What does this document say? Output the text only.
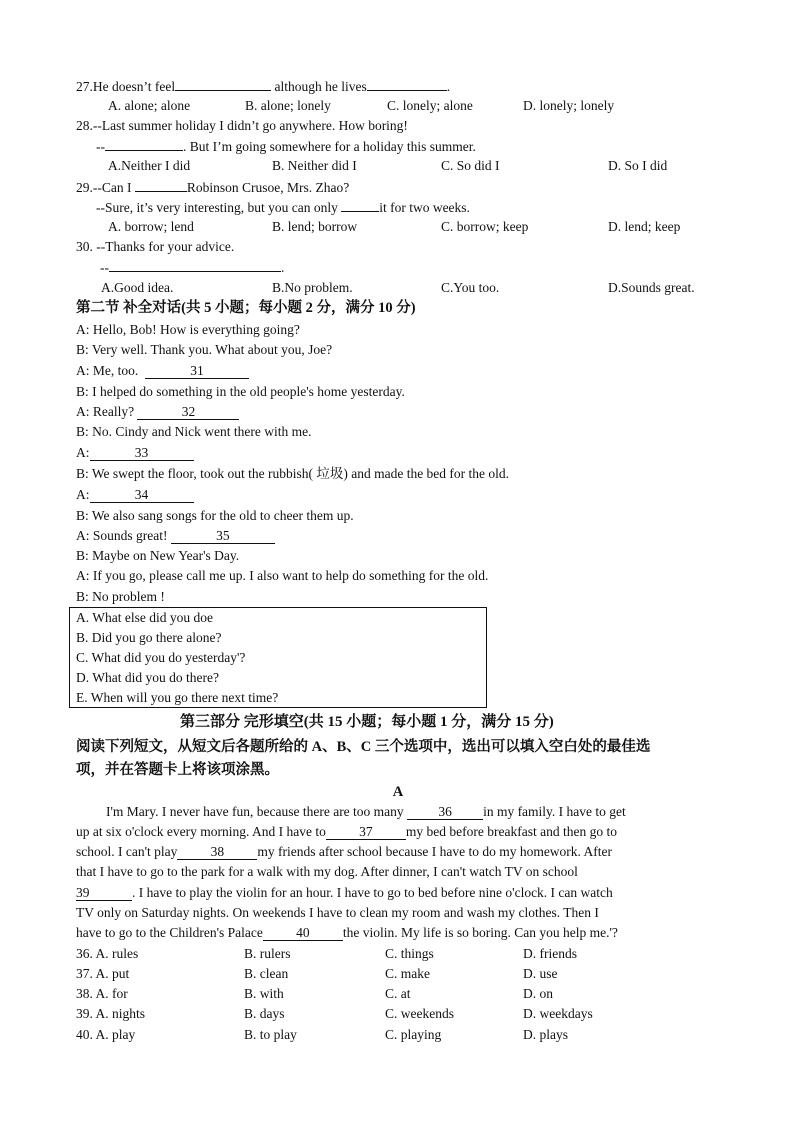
27.He doesn’t feel	although he lives	.
A. alone; alone	B. alone; lonely	C. lonely; alone	D. lonely; lonely
28.--Last summer holiday I didn’t go anywhere. How boring!
--	. But I’m going somewhere for a holiday this summer.
A.Neither I did	B. Neither did I	C. So did I	D. So I did
29.--Can I	Robinson Crusoe, Mrs. Zhao?
--Sure, it’s very interesting, but you can only	it for two weeks.
A. borrow; lend	B. lend; borrow	C. borrow; keep	D. lend; keep
30. --Thanks for your advice.
--	.
A.Good idea.	B.No problem.	C.You too.	D.Sounds great.
第二节 补全对话(共 5 小题；每小题 2 分，满分 10 分)
A: Hello, Bob! How is everything going?
B: Very well. Thank you. What about you, Joe?
A: Me, too.	31
B: I helped do something in the old people's home yesterday.
A: Really?	32
B: No. Cindy and Nick went there with me.
A:	33
B: We swept the floor, took out the rubbish( 垃圾) and made the bed for the old.
A:	34
B: We also sang songs for the old to cheer them up.
A: Sounds great!	35
B: Maybe on New Year's Day.
A: If you go, please call me up. I also want to help do something for the old.
B: No problem !
A. What else did you doe
B. Did you go there alone?
C. What did you do yesterday'?
D. What did you do there?
E. When will you go there next time?
第三部分 完形填空(共 15 小题；每小题 1 分，满分 15 分)
阅读下列短文，从短文后各题所给的 A、B、C 三个选项中，选出可以填入空白处的最佳选
项，并在答题卡上将该项涂黑。
A
I'm Mary. I never have fun, because there are too many	36 in my family. I have to get
up at six o'clock every morning. And I have to 37 my bed before breakfast and then go to
school. I can't play 38 my friends after school because I have to do my homework. After
that I have to go to the park for a walk with my dog. After dinner, I can't watch TV on school
39	. I have to play the violin for an hour. I have to go to bed before nine o'clock. I can watch
TV only on Saturday nights. On weekends I have to clean my room and wash my clothes. Then I
have to go to the Children's Palace 40 the violin. My life is so boring. Can you help me.'?
36. A. rules	B. rulers	C. things	D. friends
37. A. put	B. clean	C. make	D. use
38. A. for	B. with	C. at	D. on
39. A. nights	B. days	C. weekends	D. weekdays
40. A. play	B. to play	C. playing	D. plays
